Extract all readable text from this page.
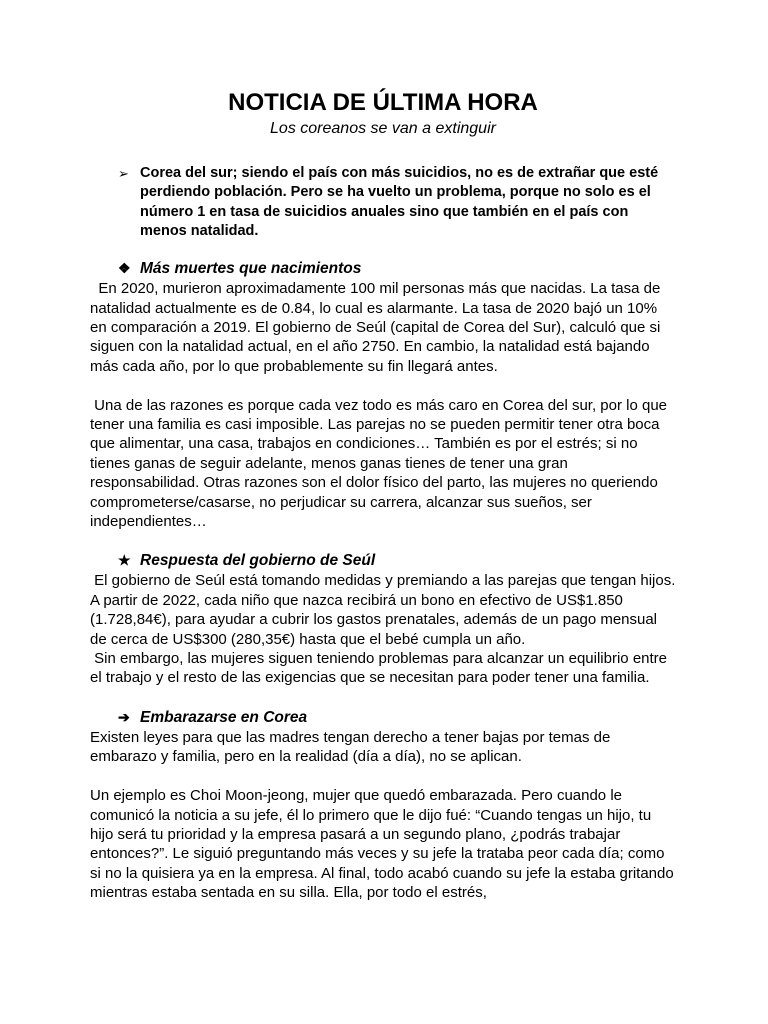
NOTICIA DE ÚLTIMA HORA

Los coreanos se van a extinguir

➢ Corea del sur; siendo el país con más suicidios, no es de extrañar que esté perdiendo población. Pero se ha vuelto un problema, porque no solo es el número 1 en tasa de suicidios anuales sino que también en el país con menos natalidad.
❖ Más muertes que nacimientos

En 2020, murieron aproximadamente 100 mil personas más que nacidas. La tasa de natalidad actualmente es de 0.84, lo cual es alarmante. La tasa de 2020 bajó un 10% en comparación a 2019. El gobierno de Seúl (capital de Corea del Sur), calculó que si siguen con la natalidad actual, en el año 2750. En cambio, la natalidad está bajando más cada año, por lo que probablemente su fin llegará antes.

Una de las razones es porque cada vez todo es más caro en Corea del sur, por lo que tener una familia es casi imposible. Las parejas no se pueden permitir tener otra boca que alimentar, una casa, trabajos en condiciones… También es por el estrés; si no tienes ganas de seguir adelante, menos ganas tienes de tener una gran responsabilidad. Otras razones son el dolor físico del parto, las mujeres no queriendo comprometerse/casarse, no perjudicar su carrera, alcanzar sus sueños, ser independientes…

★ Respuesta del gobierno de Seúl

El gobierno de Seúl está tomando medidas y premiando a las parejas que tengan hijos. A partir de 2022, cada niño que nazca recibirá un bono en efectivo de US$1.850 (1.728,84€), para ayudar a cubrir los gastos prenatales, además de un pago mensual de cerca de US$300 (280,35€) hasta que el bebé cumpla un año.

Sin embargo, las mujeres siguen teniendo problemas para alcanzar un equilibrio entre el trabajo y el resto de las exigencias que se necesitan para poder tener una familia.

➔ Embarazarse en Corea

Existen leyes para que las madres tengan derecho a tener bajas por temas de embarazo y familia, pero en la realidad (día a día), no se aplican.

Un ejemplo es Choi Moon-jeong, mujer que quedó embarazada. Pero cuando le comunicó la noticia a su jefe, él lo primero que le dijo fué: “Cuando tengas un hijo, tu hijo será tu prioridad y la empresa pasará a un segundo plano, ¿podrás trabajar entonces?”. Le siguió preguntando más veces y su jefe la trataba peor cada día; como si no la quisiera ya en la empresa. Al final, todo acabó cuando su jefe la estaba gritando mientras estaba sentada en su silla. Ella, por todo el estrés,
